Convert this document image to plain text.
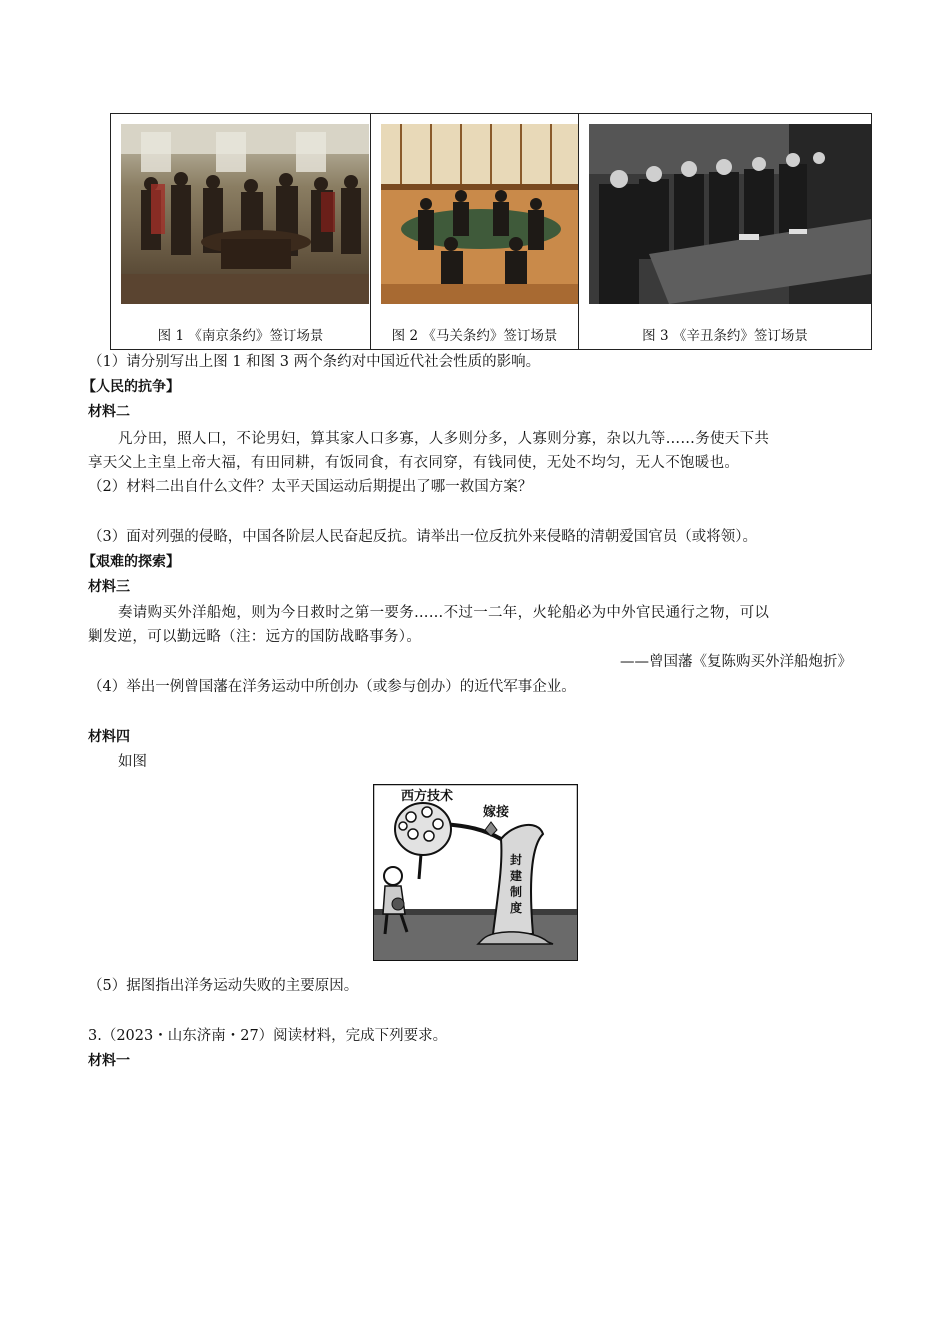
图 1 《南京条约》签订场景	图 2 《马关条约》签订场景	图 3 《辛丑条约》签订场景
（1）请分别写出上图 1 和图 3 两个条约对中国近代社会性质的影响。
【人民的抗争】
材料二
凡分田，照人口，不论男妇，算其家人口多寡，人多则分多，人寡则分寡，杂以九等……务使天下共
享天父上主皇上帝大福，有田同耕，有饭同食，有衣同穿，有钱同使，无处不均匀，无人不饱暖也。
（2）材料二出自什么文件？太平天国运动后期提出了哪一救国方案？
（3）面对列强的侵略，中国各阶层人民奋起反抗。请举出一位反抗外来侵略的清朝爱国官员（或将领）。
【艰难的探索】
材料三
奏请购买外洋船炮，则为今日救时之第一要务……不过一二年，火轮船必为中外官民通行之物，可以
剿发逆，可以勤远略（注：远方的国防战略事务）。
——曾国藩《复陈购买外洋船炮折》
（4）举出一例曾国藩在洋务运动中所创办（或参与创办）的近代军事企业。
材料四
如图
西方技术
嫁接
封
建
制
度
（5）据图指出洋务运动失败的主要原因。
3.（2023・山东济南・27）阅读材料，完成下列要求。
材料一
